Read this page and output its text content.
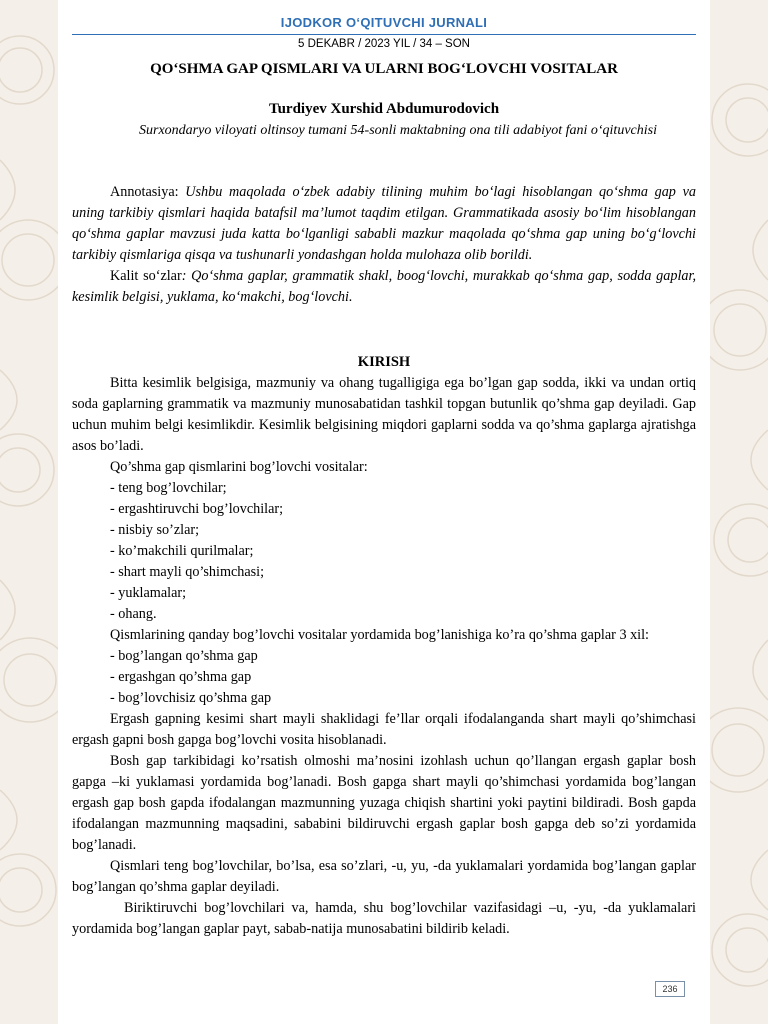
IJODKOR O‘QITUVCHI JURNALI
5 DEKABR / 2023 YIL / 34 – SON
QO‘SHMA GAP QISMLARI VA ULARNI BOG‘LOVCHI VOSITALAR
Turdiyev Xurshid Abdumurodovich
Surxondaryo viloyati oltinsoy tumani 54-sonli maktabning ona tili adabiyot fani o‘qituvchisi

Annotasiya: Ushbu maqolada o‘zbek adabiy tilining muhim bo‘lagi hisoblangan qo‘shma gap va uning tarkibiy qismlari haqida batafsil ma’lumot taqdim etilgan. Grammatikada asosiy bo‘lim hisoblangan qo‘shma gaplar mavzusi juda katta bo‘lganligi sababli mazkur maqolada qo‘shma gap uning bo‘g‘lovchi tarkibiy qismlariga qisqa va tushunarli yondashgan holda mulohaza olib borildi.

Kalit so‘zlar: Qo‘shma gaplar, grammatik shakl, boog‘lovchi, murakkab qo‘shma gap, sodda gaplar, kesimlik belgisi, yuklama, ko‘makchi, bog‘lovchi.

KIRISH

Bitta kesimlik belgisiga, mazmuniy va ohang tugalligiga ega bo’lgan gap sodda, ikki va undan ortiq soda gaplarning grammatik va mazmuniy munosabatidan tashkil topgan butunlik qo’shma gap deyiladi. Gap uchun muhim belgi kesimlikdir. Kesimlik belgisining miqdori gaplarni sodda va qo’shma gaplarga ajratishga asos bo’ladi.

Qo’shma gap qismlarini bog’lovchi vositalar:

- teng bog’lovchilar;
- ergashtiruvchi bog’lovchilar;
- nisbiy so’zlar;
- ko’makchili qurilmalar;
- shart mayli qo’shimchasi;
- yuklamalar;
- ohang.

Qismlarining qanday bog’lovchi vositalar yordamida bog’lanishiga ko’ra qo’shma gaplar 3 xil:

- bog’langan qo’shma gap
- ergashgan qo’shma gap
- bog’lovchisiz qo’shma gap

Ergash gapning kesimi shart mayli shaklidagi fe’llar orqali ifodalanganda shart mayli qo’shimchasi ergash gapni bosh gapga bog’lovchi vosita hisoblanadi.

Bosh gap tarkibidagi ko’rsatish olmoshi ma’nosini izohlash uchun qo’llangan ergash gaplar bosh gapga –ki yuklamasi yordamida bog’lanadi. Bosh gapga shart mayli qo’shimchasi yordamida bog’langan ergash gap bosh gapda ifodalangan mazmunning yuzaga chiqish shartini yoki paytini bildiradi. Bosh gapda ifodalangan mazmunning maqsadini, sababini bildiruvchi ergash gaplar bosh gapga deb so’zi yordamida bog’lanadi.

Qismlari teng bog’lovchilar, bo’lsa, esa so’zlari, -u, yu, -da yuklamalari yordamida bog’langan gaplar bog’langan qo’shma gaplar deyiladi.

Biriktiruvchi bog’lovchilari va, hamda, shu bog’lovchilar vazifasidagi –u, -yu, -da yuklamalari yordamida bog’langan gaplar payt, sabab-natija munosabatini bildirib keladi.

236
